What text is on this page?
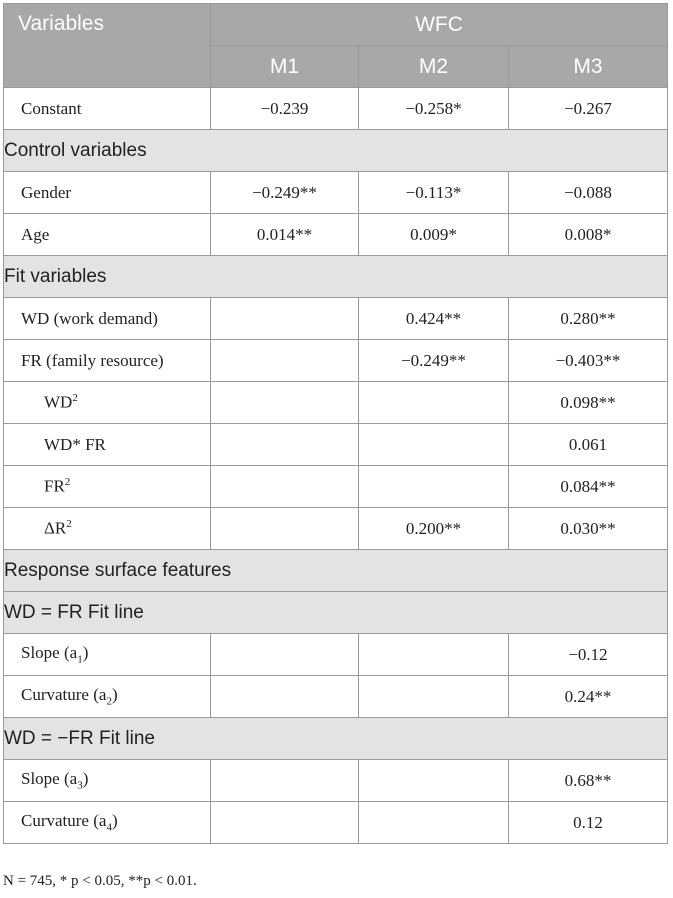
Variables	WFC		
	M1	M2	M3
Constant	−0.239	−0.258*	−0.267
Control variables			
Gender	−0.249**	−0.113*	−0.088
Age	0.014**	0.009*	0.008*
Fit variables			
WD (work demand)		0.424**	0.280**
FR (family resource)		−0.249**	−0.403**
$WD^2$			0.098**
WD* FR			0.061
$FR^2$			0.084**
$\Delta R^2$		0.200**	0.030**
Response surface features			
WD = FR Fit line			
Slope $(a_1)$			−0.12
Curvature $(a_2)$			0.24**
WD = −FR Fit line			
Slope $(a_3)$			0.68**
Curvature $(a_4)$			0.12
N = 745, * p < 0.05, **p < 0.01.
